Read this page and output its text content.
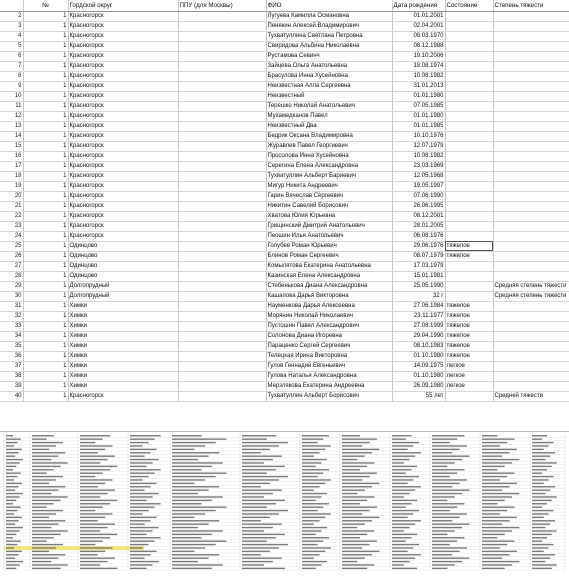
	№	Гордской округ	ППУ (для Москвы)	ФИО	Дата рождения	Состояние	Степень тяжести
2	1	Красногорск		Лугуева Камилла Османовна	01.01.2001		
3	1	Красногорск		Пенякин Алексей Владимирович	02.04.2001		
4	1	Красногорск		Тухватуллина Светлана Петровна	08.03.1970		
5	1	Красногорск		Свиридова Альбина Николаевна	08.12.1988		
6	1	Красногорск		Рустамова Севинч	19.10.2006		
7	1	Красногорск		Зайцева Ольга Анатольевна	18.08.1974		
8	1	Красногорск		Брасулова Инна Хусейновна	10.08.1982		
9	1	Красногорск		Неизвестная Алла Сергеевна	31.01.2013		
10	1	Красногорск		Неизвестный	01.01.1980		
11	1	Красногорск		Терешко Николай Анатольевич	07.05.1985		
12	1	Красногорск		Мухамедканов Павел	01.01.1980		
13	1	Красногорск		Неизвестный Два	01.01.1985		
14	1	Красногорск		Бедрик Оксана Владимировна	10.10.1976		
15	1	Красногорск		Журавлев Павел Георгиевич	12.07.1979		
16	1	Красногорск		Просолова Инна Хусейновна	10.08.1982		
17	1	Красногорск		Серегина Елена Александровна	23.03.1969		
18	1	Красногорск		Тухватуллин Альберт Бариевич	12.05.1968		
19	1	Красногорск		Мигур Никита Андреевич	19.05.1997		
20	1	Красногорск		Гарин Вячеслав Сергеевич	07.06.1990		
21	1	Красногорск		Никитин Савелий Борисович	26.06.1995		
22	1	Красногорск		Хватова Юлия Юрьевна	08.12.2001		
23	1	Красногорск		Грищинский Дмитрий Анатольевич	28.01.2005		
24	1	Красногорск		Пеошин Илья Анатольевич	06.08.1976		
25	1	Одинцово		Голубев Роман Юрьевич	29.06.1976	тяжелое	
26	1	Одинцово		Блинов Роман Сергеевич	08.07.1979	тяжелое	
27	1	Одинцово		Комылятова Екатерина Анатольевна	17.03.1979		
28	1	Одинцово		Казинская Елена Александровна	15.01.1981		
29	1	Долгопрудный		Стебенькова Диана Александровна	25.05.1990		Средняя степень тяжести
30	1	Долгопрудный		Кашапова Дарья Викторовна	32 г		Средняя степень тяжести
31	1	Химки		Науменкова Дарья Алексеевна	27.06.1984	тяжелое	
32	1	Химки		Морянин Николай Николаевич	23.11.1977	тяжелое	
33	1	Химки		Пустошин Павел Александрович	27.08.1999	тяжелое	
34	1	Химки		Солонова Диана Игоревна	29.04.1990	тяжелое	
35	1	Химки		Параценко Сергей Сергеевич	08.10.1983	тяжелое	
36	1	Химки		Телецкая Ирина Викторовна	01.10.1980	тяжелое	
37	1	Химки		Гулов Геннадий Евгеньевич	14.09.1975	легкое	
38	1	Химки		Гулова Наталья Александровна	01.10.1980	легкое	
39	1	Химки		Мерзлякова Екатерина Андреевна	26.09.1980	легкое	
40	1	Красногорск		Тухватуллин Альберт Борисович	55 лет		Средней тяжести
